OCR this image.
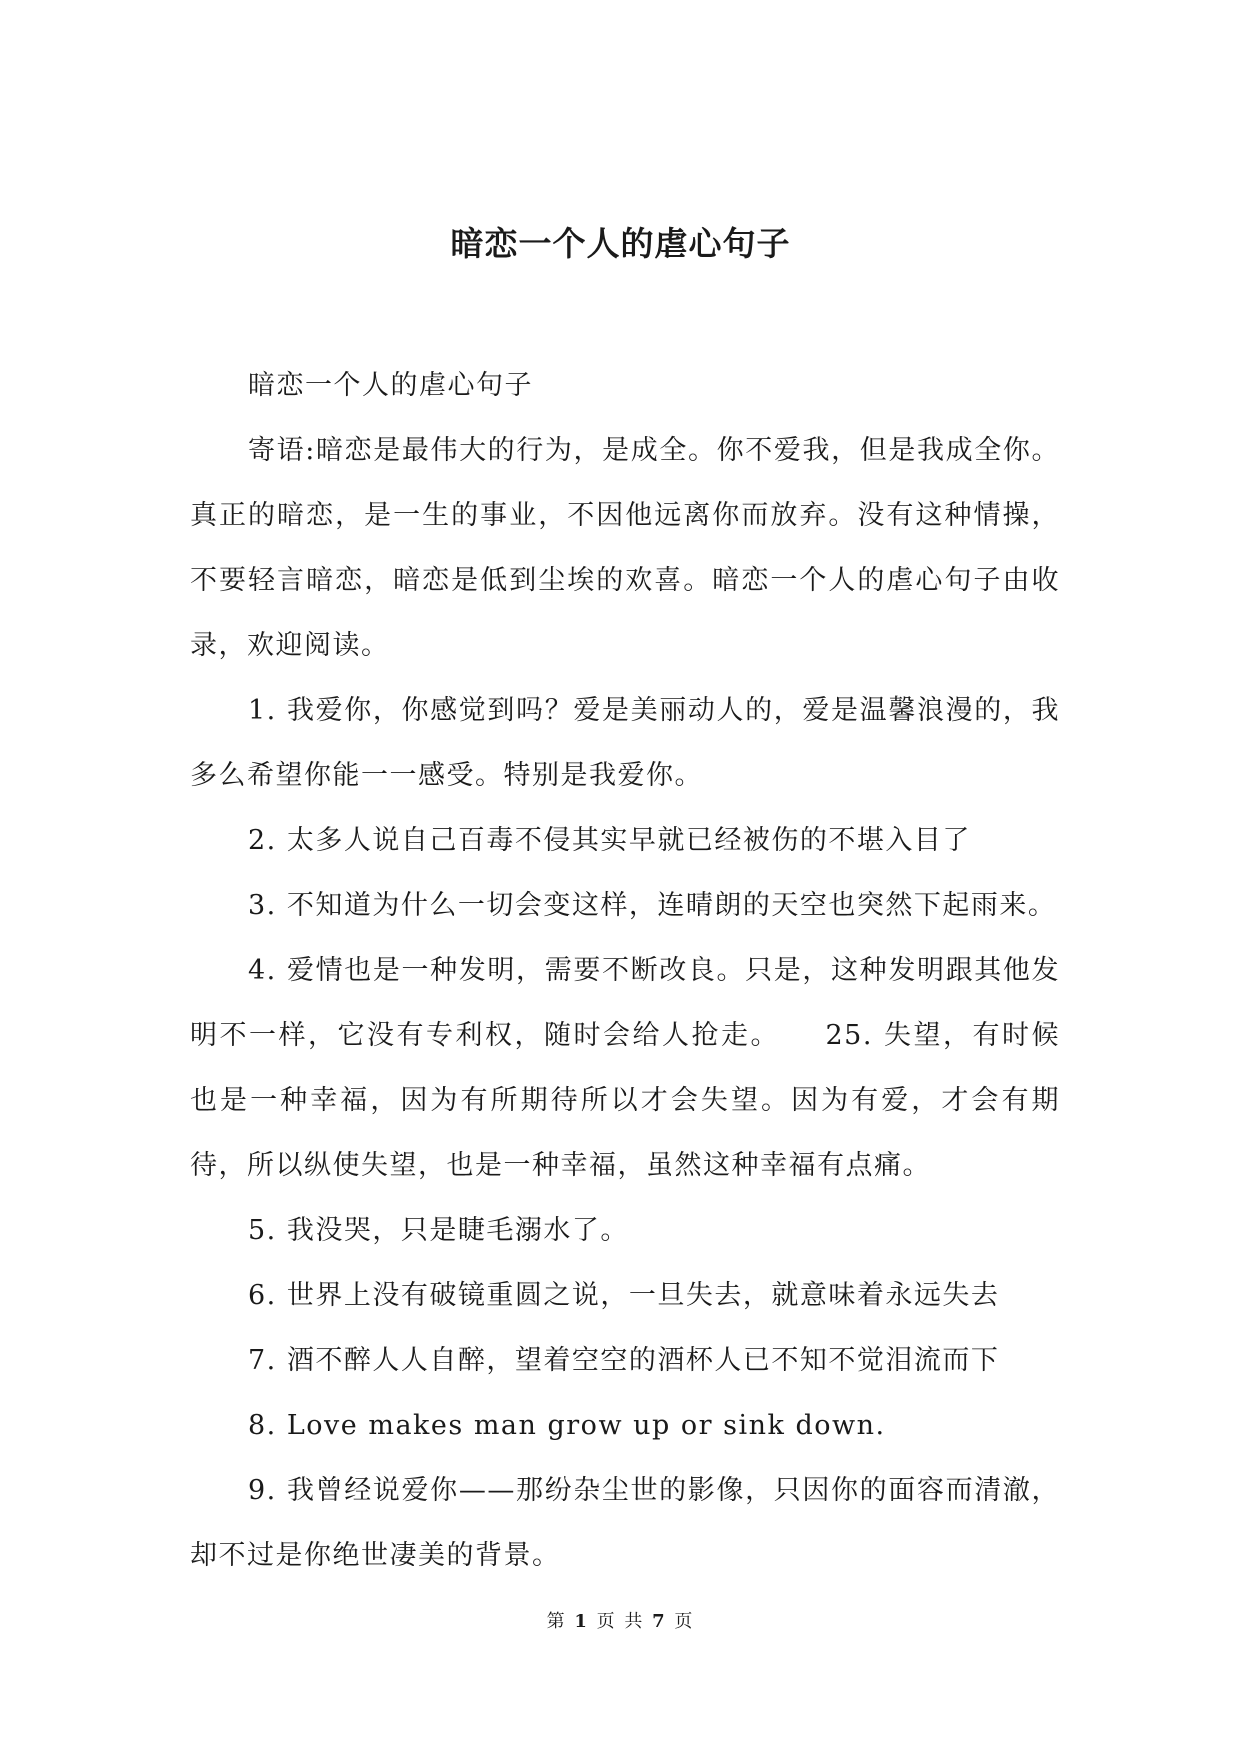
暗恋一个人的虐心句子

暗恋一个人的虐心句子

寄语:暗恋是最伟大的行为，是成全。你不爱我，但是我成全你。真正的暗恋，是一生的事业，不因他远离你而放弃。没有这种情操，不要轻言暗恋，暗恋是低到尘埃的欢喜。暗恋一个人的虐心句子由收录，欢迎阅读。

1. 我爱你，你感觉到吗？爱是美丽动人的，爱是温馨浪漫的，我多么希望你能一一感受。特别是我爱你。

2. 太多人说自己百毒不侵其实早就已经被伤的不堪入目了

3. 不知道为什么一切会变这样，连晴朗的天空也突然下起雨来。

4. 爱情也是一种发明，需要不断改良。只是，这种发明跟其他发明不一样，它没有专利权，随时会给人抢走。　　25. 失望，有时候也是一种幸福，因为有所期待所以才会失望。因为有爱，才会有期待，所以纵使失望，也是一种幸福，虽然这种幸福有点痛。

5. 我没哭，只是睫毛溺水了。

6. 世界上没有破镜重圆之说，一旦失去，就意味着永远失去

7. 酒不醉人人自醉，望着空空的酒杯人已不知不觉泪流而下

8. Love makes man grow up or sink down.

9. 我曾经说爱你——那纷杂尘世的影像，只因你的面容而清澈，却不过是你绝世凄美的背景。

第 1 页 共 7 页
